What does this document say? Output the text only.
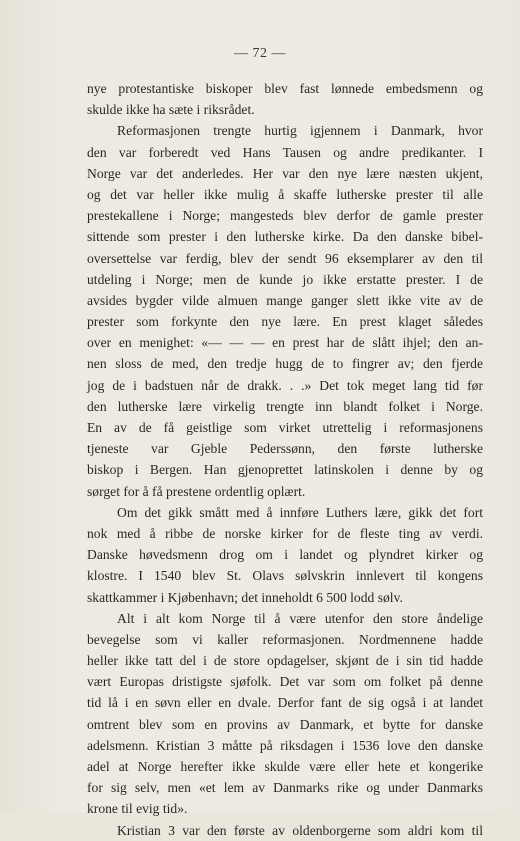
— 72 —
nye protestantiske biskoper blev fast lønnede embedsmenn og
skulde ikke ha sæte i riksrådet.
Reformasjonen trengte hurtig igjennem i Danmark, hvor
den var forberedt ved Hans Tausen og andre predikanter. I
Norge var det anderledes. Her var den nye lære næsten ukjent,
og det var heller ikke mulig å skaffe lutherske prester til alle
prestekallene i Norge; mangesteds blev derfor de gamle prester
sittende som prester i den lutherske kirke. Da den danske bibel-
oversettelse var ferdig, blev der sendt 96 eksemplarer av den til
utdeling i Norge; men de kunde jo ikke erstatte prester. I de
avsides bygder vilde almuen mange ganger slett ikke vite av de
prester som forkynte den nye lære. En prest klaget således
over en menighet: «— — — en prest har de slått ihjel; den an-
nen sloss de med, den tredje hugg de to fingrer av; den fjerde
jog de i badstuen når de drakk. . .» Det tok meget lang tid før
den lutherske lære virkelig trengte inn blandt folket i Norge.
En av de få geistlige som virket utrettelig i reformasjonens
tjeneste var Gjeble Pederssønn, den første lutherske
biskop i Bergen. Han gjenoprettet latinskolen i denne by og
sørget for å få prestene ordentlig oplært.
Om det gikk smått med å innføre Luthers lære, gikk det fort
nok med å ribbe de norske kirker for de fleste ting av verdi.
Danske høvedsmenn drog om i landet og plyndret kirker og
klostre. I 1540 blev St. Olavs sølvskrin innlevert til kongens
skattkammer i Kjøbenhavn; det inneholdt 6 500 lodd sølv.
Alt i alt kom Norge til å være utenfor den store åndelige
bevegelse som vi kaller reformasjonen. Nordmennene hadde
heller ikke tatt del i de store opdagelser, skjønt de i sin tid hadde
vært Europas dristigste sjøfolk. Det var som om folket på denne
tid lå i en søvn eller en dvale. Derfor fant de sig også i at landet
omtrent blev som en provins av Danmark, et bytte for danske
adelsmenn. Kristian 3 måtte på riksdagen i 1536 love den danske
adel at Norge herefter ikke skulde være eller hete et kongerike
for sig selv, men «et lem av Danmarks rike og under Danmarks
krone til evig tid».
Kristian 3 var den første av oldenborgerne som aldri kom til
